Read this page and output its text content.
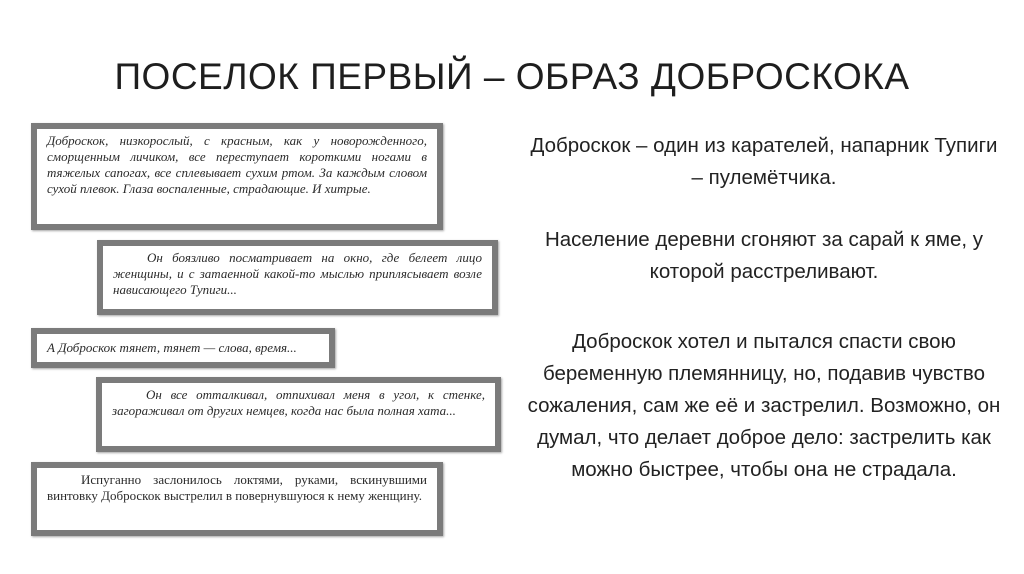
ПОСЕЛОК ПЕРВЫЙ – ОБРАЗ ДОБРОСКОКА
Доброскок, низкорослый, с красным, как у новорожденного, сморщенным личиком, все переступает короткими ногами в тяжелых сапогах, все сплевывает сухим ртом. За каждым словом сухой плевок. Глаза воспаленные, страдающие. И хитрые.
Он боязливо посматривает на окно, где белеет лицо женщины, и с затаенной какой-то мыслью приплясывает возле нависающего Тупиги...
А Доброскок тянет, тянет — слова, время...
Он все отталкивал, отпихивал меня в угол, к стенке, загораживал от других немцев, когда нас была полная хата...
Испуганно заслонилось локтями, руками, вскинувшими винтовку Доброскок выстрелил в повернувшуюся к нему женщину.

Доброскок – один из карателей, напарник Тупиги – пулемётчика.

Население деревни сгоняют за сарай к яме, у которой расстреливают.

Доброскок хотел и пытался спасти свою беременную племянницу, но, подавив чувство сожаления, сам же её и застрелил. Возможно, он думал, что делает доброе дело: застрелить как можно быстрее, чтобы она не страдала.
